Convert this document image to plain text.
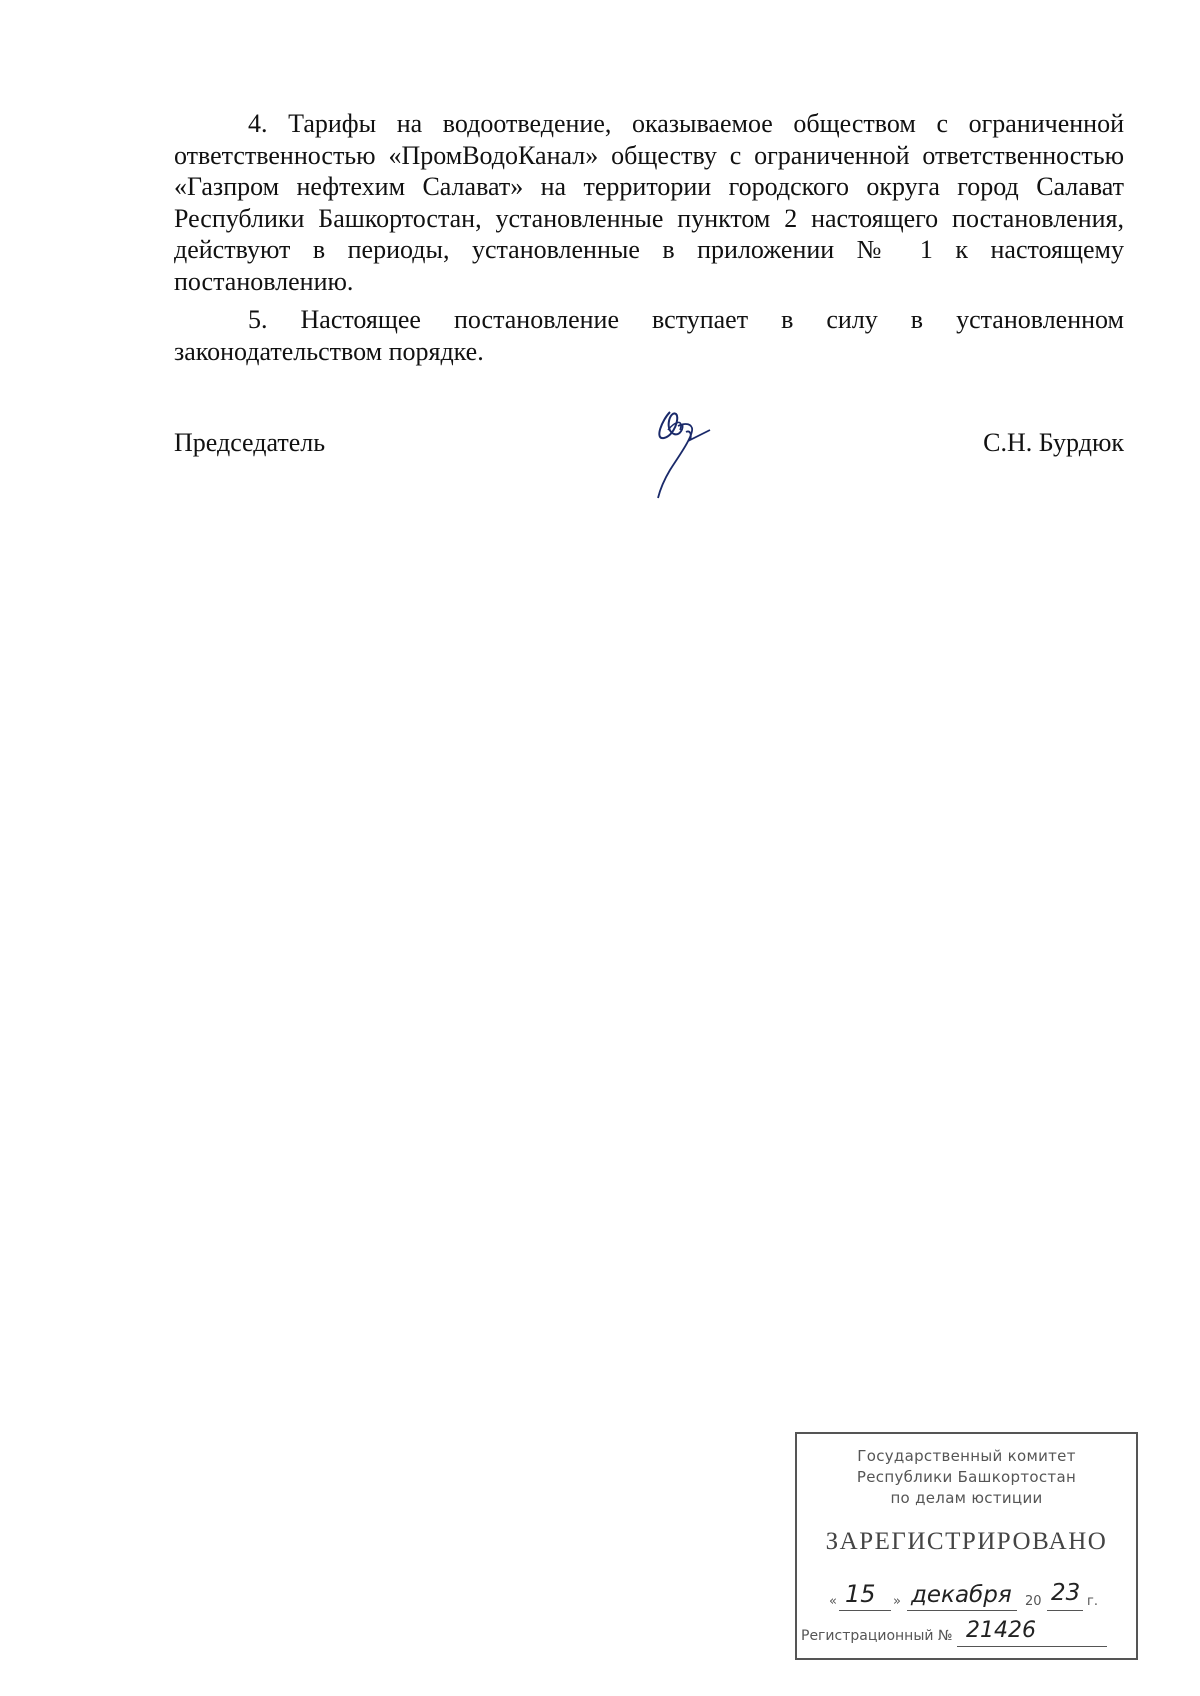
4. Тарифы на водоотведение, оказываемое обществом с ограниченной ответственностью «ПромВодоКанал» обществу с ограниченной ответственностью «Газпром нефтехим Салават» на территории городского округа город Салават Республики Башкортостан, установленные пунктом 2 настоящего постановления, действуют в периоды, установленные в приложении № 1 к настоящему постановлению.

5. Настоящее постановление вступает в силу в установленном законодательством порядке.

Председатель	С.Н. Бурдюк
Государственный комитет
Республики Башкортостан
по делам юстиции
ЗАРЕГИСТРИРОВАНО
« 15 » декабря 20 23 г.
Регистрационный № 21426
